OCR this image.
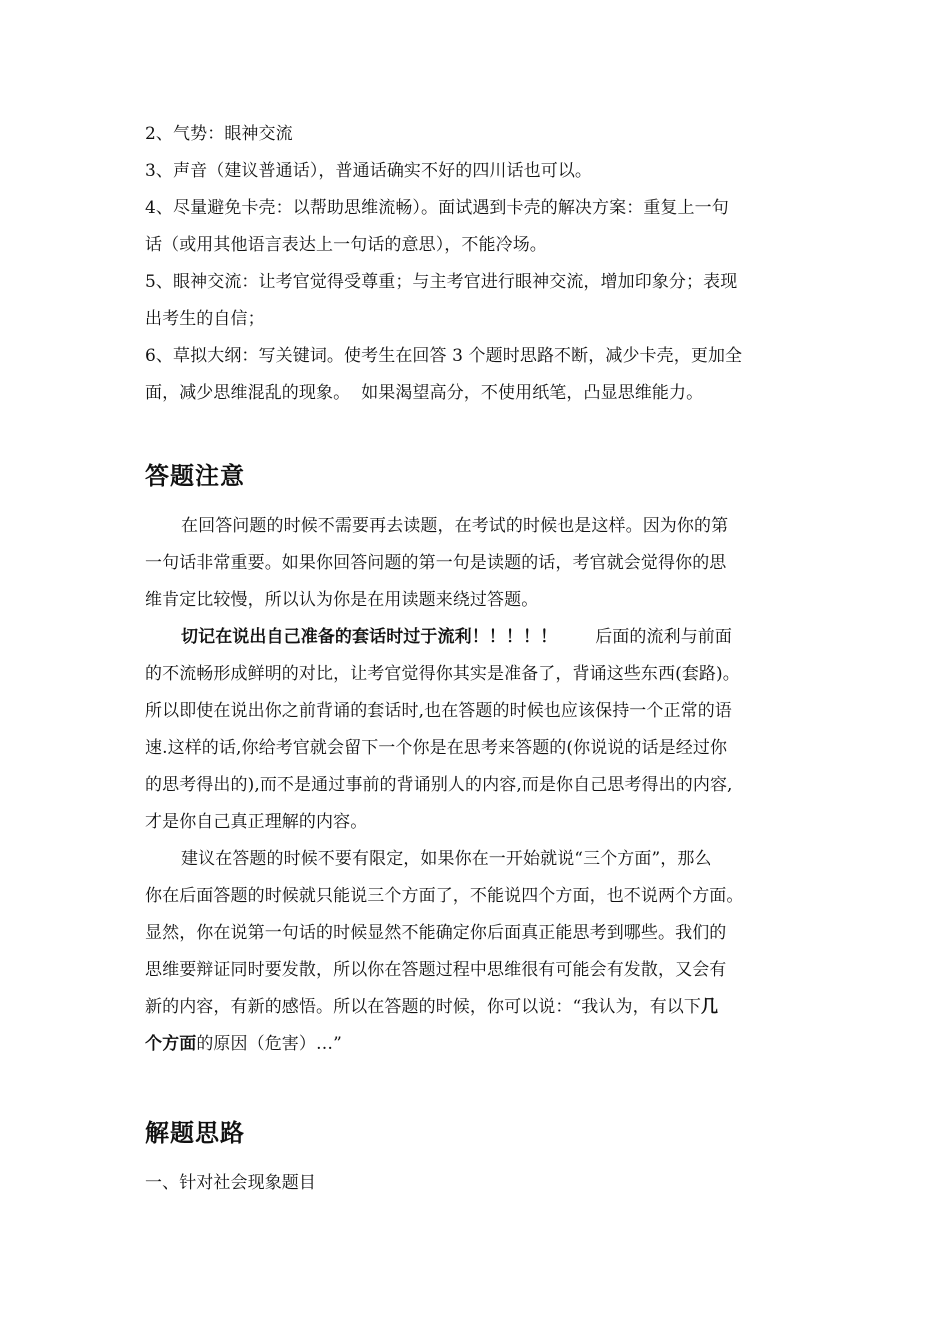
2、气势：眼神交流
3、声音（建议普通话），普通话确实不好的四川话也可以。
4、尽量避免卡壳：以帮助思维流畅）。面试遇到卡壳的解决方案：重复上一句
话（或用其他语言表达上一句话的意思），不能冷场。
5、眼神交流：让考官觉得受尊重；与主考官进行眼神交流，增加印象分；表现
出考生的自信；
6、草拟大纲：写关键词。使考生在回答 3 个题时思路不断，减少卡壳，更加全
面，减少思维混乱的现象。  如果渴望高分，不使用纸笔，凸显思维能力。
答题注意
在回答问题的时候不需要再去读题，在考试的时候也是这样。因为你的第
一句话非常重要。如果你回答问题的第一句是读题的话，考官就会觉得你的思
维肯定比较慢，所以认为你是在用读题来绕过答题。
切记在说出自己准备的套话时过于流利！！！！！ 后面的流利与前面
的不流畅形成鲜明的对比，让考官觉得你其实是准备了，背诵这些东西(套路)。
所以即使在说出你之前背诵的套话时,也在答题的时候也应该保持一个正常的语
速.这样的话,你给考官就会留下一个你是在思考来答题的(你说说的话是经过你
的思考得出的),而不是通过事前的背诵别人的内容,而是你自己思考得出的内容,
才是你自己真正理解的内容。
建议在答题的时候不要有限定，如果你在一开始就说“三个方面”，那么
你在后面答题的时候就只能说三个方面了，不能说四个方面，也不说两个方面。
显然，你在说第一句话的时候显然不能确定你后面真正能思考到哪些。我们的
思维要辩证同时要发散，所以你在答题过程中思维很有可能会有发散，又会有
新的内容，有新的感悟。所以在答题的时候，你可以说：“我认为，有以下几
个方面的原因（危害）…”
解题思路
一、针对社会现象题目
